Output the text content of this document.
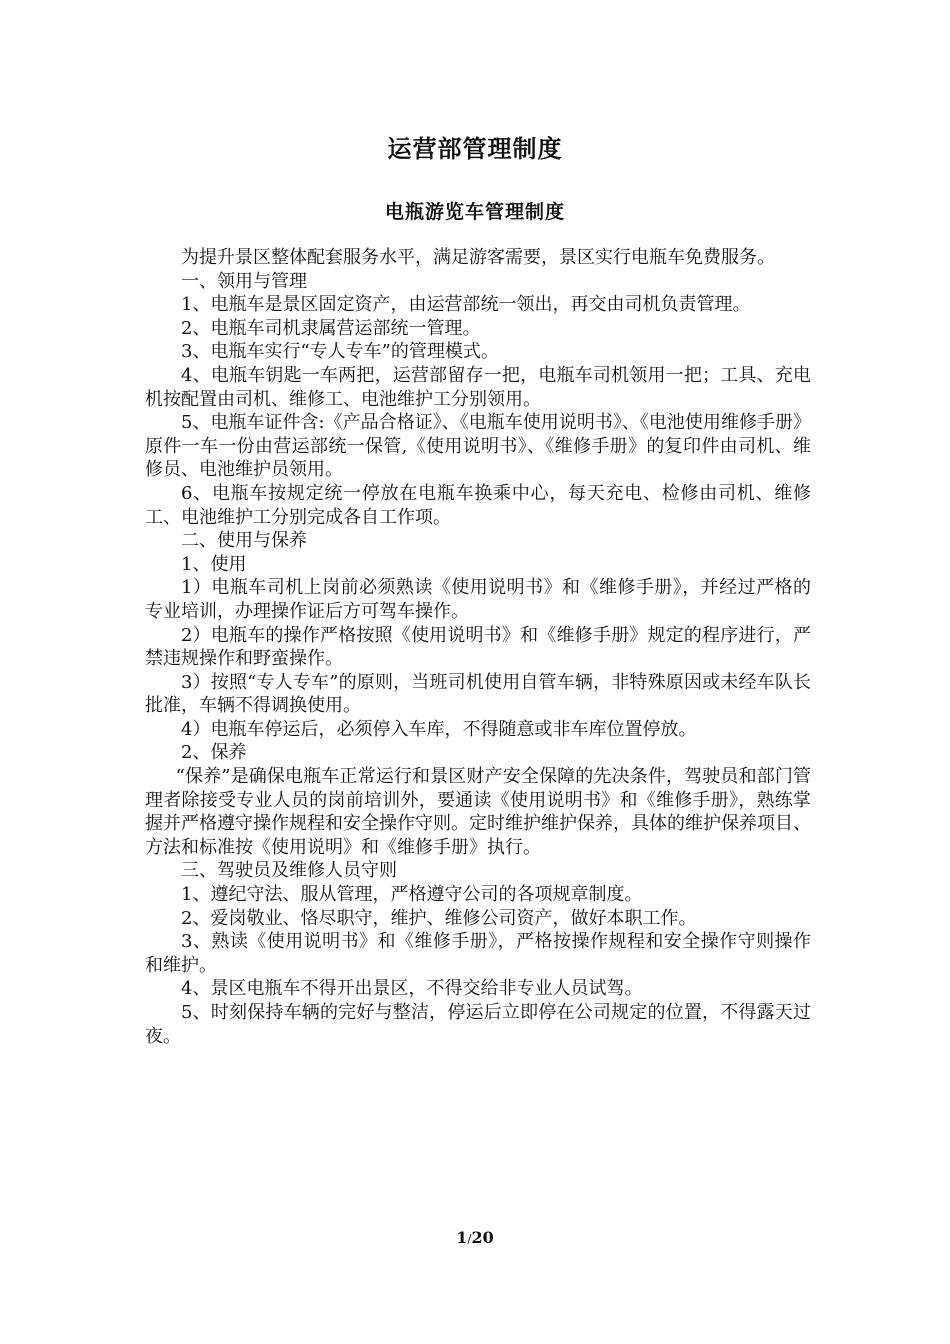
运营部管理制度
电瓶游览车管理制度

为提升景区整体配套服务水平，满足游客需要，景区实行电瓶车免费服务。

一、领用与管理

1、电瓶车是景区固定资产，由运营部统一领出，再交由司机负责管理。

2、电瓶车司机隶属营运部统一管理。

3、电瓶车实行“专人专车”的管理模式。

4、电瓶车钥匙一车两把，运营部留存一把，电瓶车司机领用一把；工具、充电机按配置由司机、维修工、电池维护工分别领用。

5、电瓶车证件含:《产品合格证》、《电瓶车使用说明书》、《电池使用维修手册》原件一车一份由营运部统一保管,《使用说明书》、《维修手册》的复印件由司机、维修员、电池维护员领用。

6、电瓶车按规定统一停放在电瓶车换乘中心，每天充电、检修由司机、维修工、电池维护工分别完成各自工作项。

二、使用与保养

1、使用

1）电瓶车司机上岗前必须熟读《使用说明书》和《维修手册》，并经过严格的专业培训，办理操作证后方可驾车操作。

2）电瓶车的操作严格按照《使用说明书》和《维修手册》规定的程序进行，严禁违规操作和野蛮操作。

3）按照“专人专车”的原则，当班司机使用自管车辆，非特殊原因或未经车队长批准，车辆不得调换使用。

4）电瓶车停运后，必须停入车库，不得随意或非车库位置停放。

2、保养

“保养”是确保电瓶车正常运行和景区财产安全保障的先决条件，驾驶员和部门管理者除接受专业人员的岗前培训外，要通读《使用说明书》和《维修手册》，熟练掌握并严格遵守操作规程和安全操作守则。定时维护维护保养，具体的维护保养项目、方法和标准按《使用说明》和《维修手册》执行。

三、驾驶员及维修人员守则

1、遵纪守法、服从管理，严格遵守公司的各项规章制度。

2、爱岗敬业、恪尽职守，维护、维修公司资产，做好本职工作。

3、熟读《使用说明书》和《维修手册》，严格按操作规程和安全操作守则操作和维护。

4、景区电瓶车不得开出景区，不得交给非专业人员试驾。

5、时刻保持车辆的完好与整洁，停运后立即停在公司规定的位置，不得露天过夜。

1/20
